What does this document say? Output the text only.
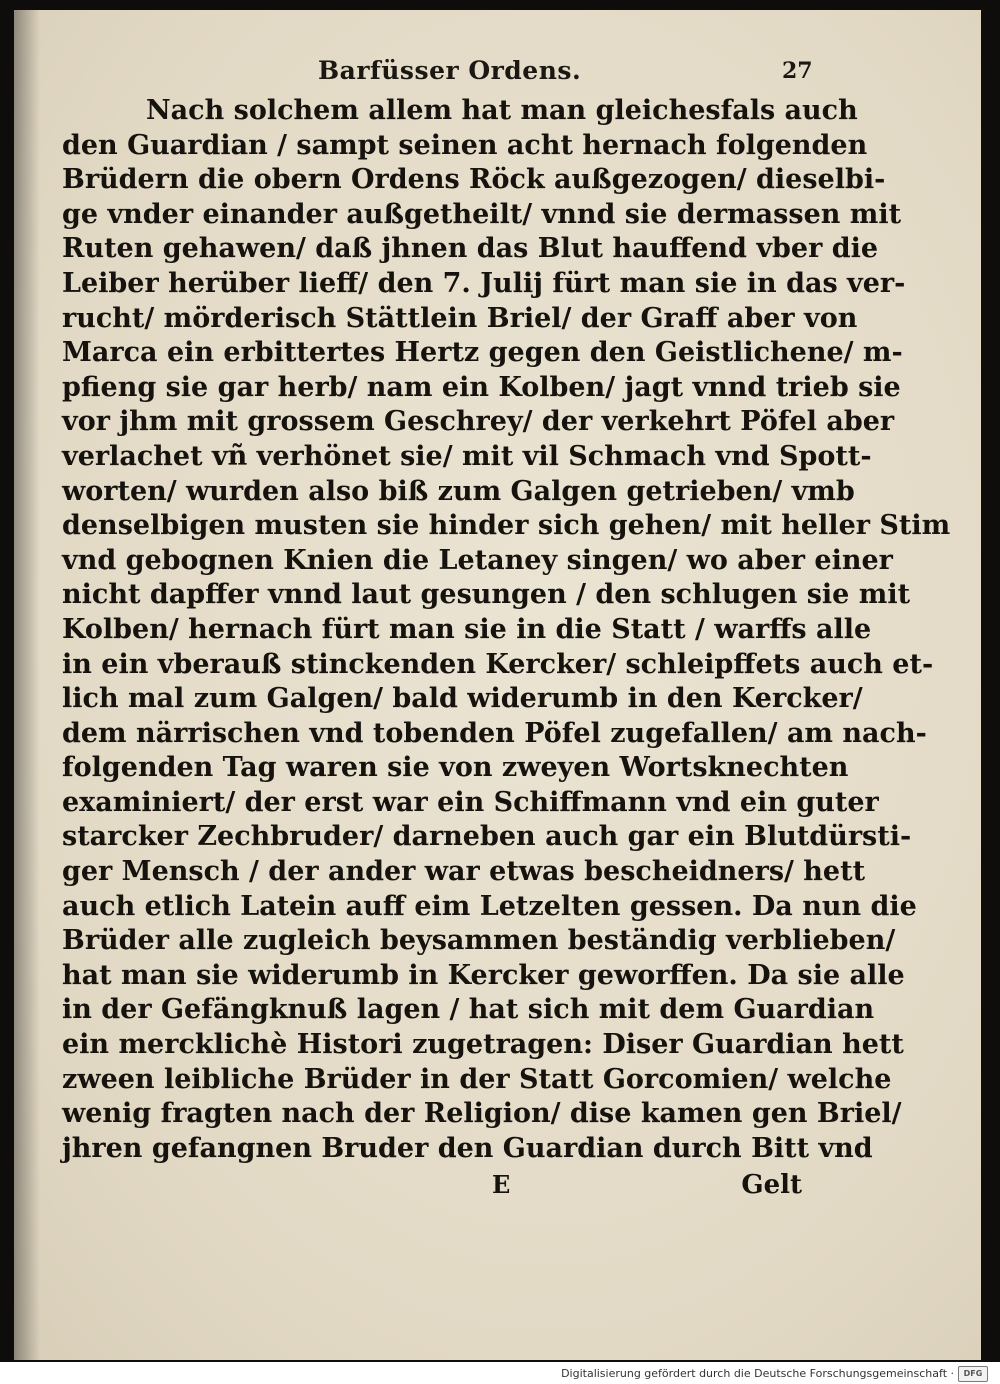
Barfüsser Ordens.	27
Nach solchem allem hat man gleichesfals auch
den Guardian / sampt seinen acht hernach folgenden
Brüdern die obern Ordens Röck außgezogen/ dieselbi-
ge vnder einander außgetheilt/ vnnd sie dermassen mit
Ruten gehawen/ daß jhnen das Blut hauffend vber die
Leiber herüber lieff/ den 7. Julij fürt man sie in das ver-
rucht/ mörderisch Stättlein Briel/ der Graff aber von
Marca ein erbittertes Hertz gegen den Geistlichene/ m-
pfieng sie gar herb/ nam ein Kolben/ jagt vnnd trieb sie
vor jhm mit grossem Geschrey/ der verkehrt Pöfel aber
verlachet vñ verhönet sie/ mit vil Schmach vnd Spott-
worten/ wurden also biß zum Galgen getrieben/ vmb
denselbigen musten sie hinder sich gehen/ mit heller Stim
vnd gebognen Knien die Letaney singen/ wo aber einer
nicht dapffer vnnd laut gesungen / den schlugen sie mit
Kolben/ hernach fürt man sie in die Statt / warffs alle
in ein vberauß stinckenden Kercker/ schleipffets auch et-
lich mal zum Galgen/ bald widerumb in den Kercker/
dem närrischen vnd tobenden Pöfel zugefallen/ am nach-
folgenden Tag waren sie von zweyen Wortsknechten
examiniert/ der erst war ein Schiffmann vnd ein guter
starcker Zechbruder/ darneben auch gar ein Blutdürsti-
ger Mensch / der ander war etwas bescheidners/ hett
auch etlich Latein auff eim Letzelten gessen. Da nun die
Brüder alle zugleich beysammen beständig verblieben/
hat man sie widerumb in Kercker geworffen. Da sie alle
in der Gefängknuß lagen / hat sich mit dem Guardian
ein mercklichè Histori zugetragen: Diser Guardian hett
zween leibliche Brüder in der Statt Gorcomien/ welche
wenig fragten nach der Religion/ dise kamen gen Briel/
jhren gefangnen Bruder den Guardian durch Bitt vnd
E	Gelt
Digitalisierung gefördert durch die Deutsche Forschungsgemeinschaft ·	DFG
